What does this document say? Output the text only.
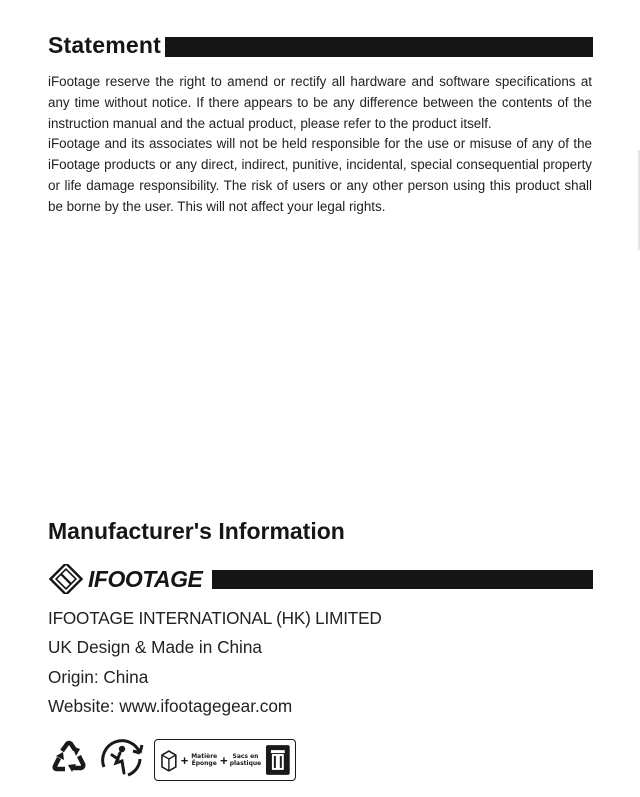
Statement

iFootage reserve the right to amend or rectify all hardware and software specifications at any time without notice. If there appears to be any difference between the contents of the instruction manual and the actual product, please refer to the product itself.

iFootage and its associates will not be held responsible for the use or misuse of any of the iFootage products or any direct, indirect, punitive, incidental, special consequential property or life damage responsibility. The risk of users or any other person using this product shall be borne by the user. This will not affect your legal rights.

Manufacturer's Information
IFOOTAGE
IFOOTAGE INTERNATIONAL (HK) LIMITED
UK Design & Made in China
Origin: China
Website: www.ifootagegear.com
+ Matière Éponge + Sacs en plastique
